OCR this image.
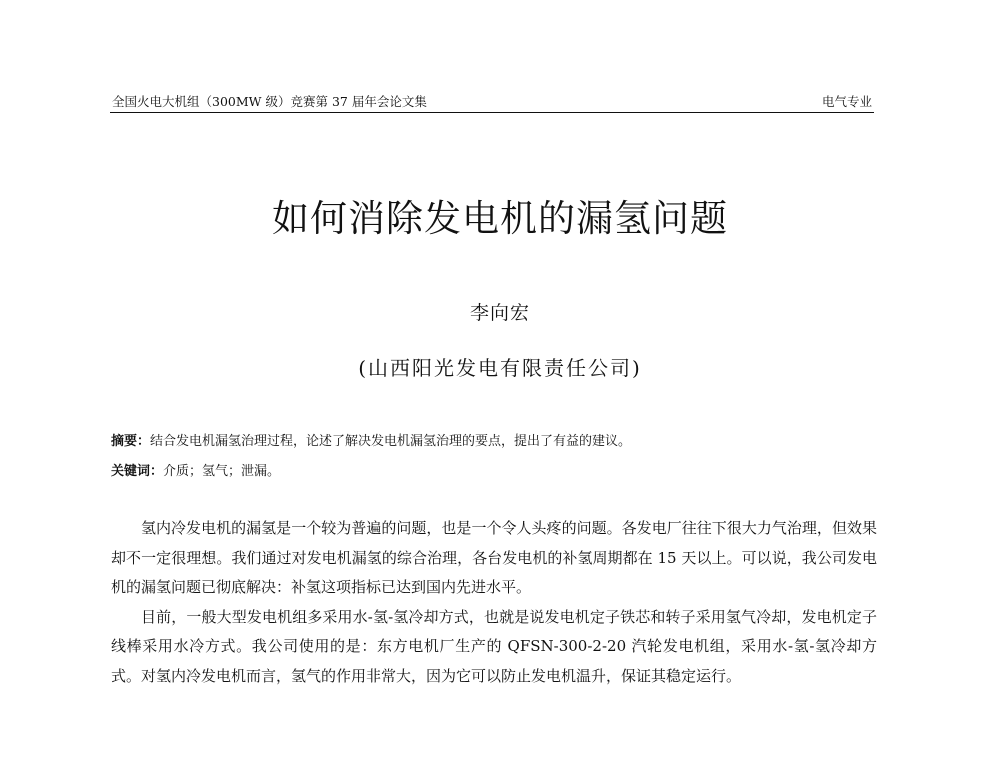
全国火电大机组（300MW 级）竞赛第 37 届年会论文集	电气专业
如何消除发电机的漏氢问题
李向宏
(山西阳光发电有限责任公司)
摘要：结合发电机漏氢治理过程，论述了解决发电机漏氢治理的要点，提出了有益的建议。
关键词：介质；氢气；泄漏。

氢内冷发电机的漏氢是一个较为普遍的问题，也是一个令人头疼的问题。各发电厂往往下很大力气治理，但效果却不一定很理想。我们通过对发电机漏氢的综合治理，各台发电机的补氢周期都在 15 天以上。可以说，我公司发电机的漏氢问题已彻底解决：补氢这项指标已达到国内先进水平。

目前，一般大型发电机组多采用水-氢-氢冷却方式，也就是说发电机定子铁芯和转子采用氢气冷却，发电机定子线棒采用水冷方式。我公司使用的是：东方电机厂生产的 QFSN-300-2-20 汽轮发电机组，采用水-氢-氢冷却方式。对氢内冷发电机而言，氢气的作用非常大，因为它可以防止发电机温升，保证其稳定运行。
